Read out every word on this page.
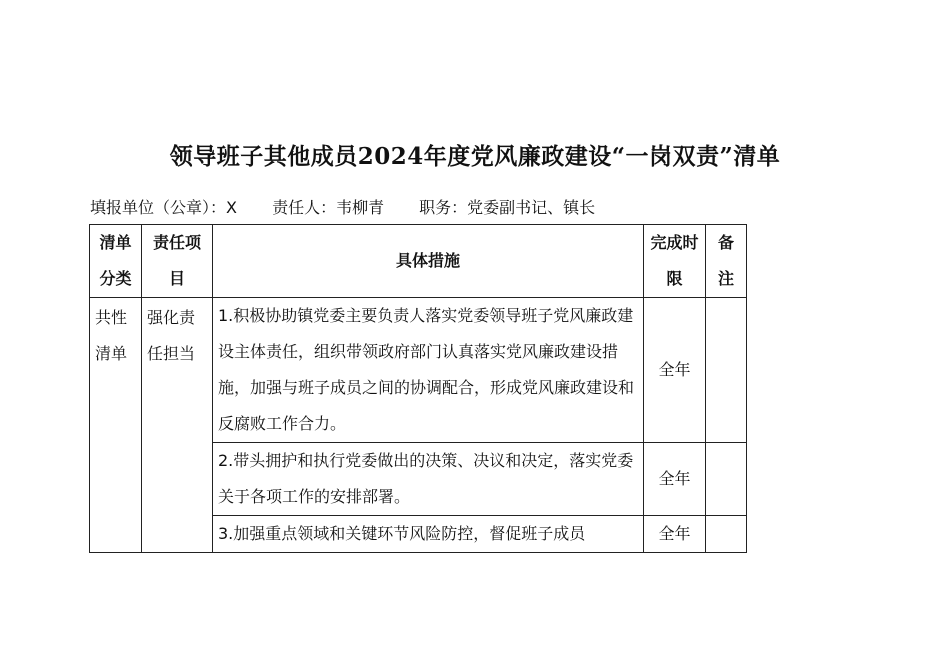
领导班子其他成员2024年度党风廉政建设“一岗双责”清单
填报单位（公章）：X 责任人：韦柳青 职务：党委副书记、镇长
清单分类	责任项目	具体措施	完成时限	备注
共性清单	强化责任担当	1.积极协助镇党委主要负责人落实党委领导班子党风廉政建设主体责任，组织带领政府部门认真落实党风廉政建设措施，加强与班子成员之间的协调配合，形成党风廉政建设和反腐败工作合力。	全年	
		2.带头拥护和执行党委做出的决策、决议和决定，落实党委关于各项工作的安排部署。	全年	

		3.加强重点领域和关键环节风险防控，督促班子成员	全年	
